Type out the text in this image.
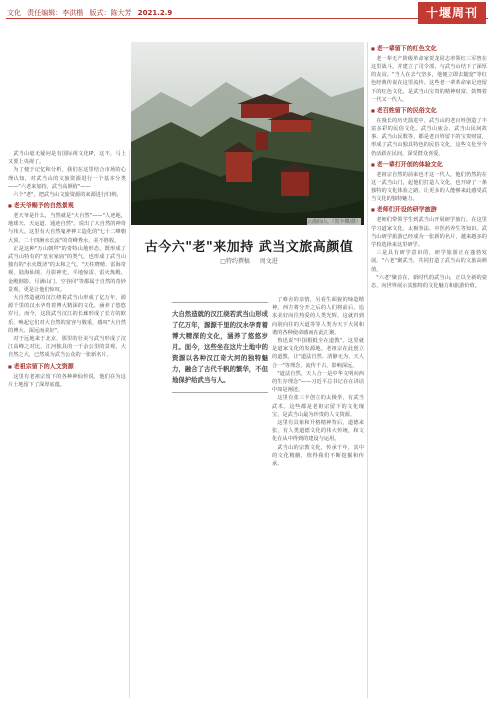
文化 责任编辑：李洪楷 版式：陈大芳 2021.2.9	十堰周刊
云漫仙山。（贺少卿/摄）
古今六"老"来加持 武当文旅高颜值
□特约撰稿 周文进

武当山毫无疑问是有国际视文化IP，这不，马上又要上央视了。

为了便于记忆和分析，我们在这里结合市场的心理认知，对武当山的文旅资源进行一个基本分类——"六老来加持，武当高颜值"——

六个"老"，把武当山文旅资源的来源进行归纳。

■ 老天爷赐予的自然景观

老天爷是什么，当然就是"大自然"——"人迹地，地球天、天运道、通迹自然"。说出了大自然的神奇与伟大。这里有大自然鬼斧神工造化的"七十二峰朝大顶、二十四涧水长流"的奇峰秀水，美不胜收。

正是这种"万山朝拜"的奇特山地形态，既形成了武当山特有的"皇室家庙"的类气，也形成了武当山独有的"水火既济"的太和之气。"天柱晓晴、雷海奇观、陆海仙境、月影神光、平地惊雷、雷火炼殿、金殿倒影、月满山门、空谷回"等都属于自然的奇妙景观，更是让他们惊叹。

大自然造就的汉江绕着武当山形成了亿万年，源源千里的汉水孕育着博大精深的文化，涵养了悠悠岁月。而今，这段武当汉江的长廊形成了长方的欧乐，唤起它们对大自然的宽容与敬重，感叹"大自然的博大、深远而美好"。

对于远地来于北京，那里的壮美与武当形成了汉江高峰之对比，江河独具的一千余公里的景观。大自然之大，已然成为武当公众的一张新名片。

■ 老祖宗留下的人文资源

这里有老祖宗留下的各种神仙传说，他们在为这片土地留下了深厚底蕴。

大自然造就的汉江绕若武当山形成了亿万年，源源千里的汉水孕育着博大精深的文化，涵养了悠悠岁月。面今，这些坐在这片土地中的资源以各种汉江奇大河的独特魅力，融合了古代千帆的繁华，不但地保护给武当与人。

了难舍的亲情，另看生面貌的缔造精神。西方将分开之后的人们将前后，追求美好向往热爱的人类光辉，这就归到向别向往的大道等等人类为天下大同和谐的各种使命感而在此汇聚。

鲁迅说"中国根柢全在道教"。这里就是道家文化的发源地。老祖宗在此创立的道教，让"道法自然、清静无为、天人合一"等理念，流传千古，影响深远。

"道法自然，天人合一是中华文明向西的生存理念"——习近平总书记在在讲话中如是阐述。

这里有张三丰创立的太极拳，有武当武术。这些都是老祖宗留下的文化瑰宝，是武当山最为珍贵的人文资源。

这里有具象和升格精神背后，道德来张，有人类道德文化的伟大传统，和文化在从中得到的建设与运用。

武当山的宗教文化，传承千年，其中的文化精髓，值得我们不断挖掘和传承。

■ 老一辈留下的红色文化

老一辈无产阶级革命家贺龙同志率领红三军曾在这里战斗，并建立了司令部，与武当山结下了深厚的友谊。"当人在去气坚多，他便立即去随宽"等红色经典传说在这里流传。这些老一辈革命家足迹留下的红色文化，是武当山宝贵的精神财富，鼓舞着一代又一代人。

■ 老百姓留下的民俗文化

在漫长的历史演进中，武当山的老百姓创造了丰富多彩的民俗文化。武当山庙会、武当山民间故事、武当山民歌等，都是老百姓留下的宝贵财富，形成了武当山独具特色的民俗文化，这些文化至今仍活跃在民间，深受群众喜爱。

■ 老一辈打开创的体验文化

老祖宗自然的前来也才这一代人，他们仍然的在这一武当山门，起他们打造人文化，也开辟了一条独特的文化体验之路，让更多的人能够来此感受武当文化的独特魅力。

■ 老师们开设的研学旅游

老师们带领学生到武当山开展研学旅行，在这里学习道家文化、太极拳法、中医药养生等知识。武当山研学旅游已经成为一张新的名片，越来越多的学校选择来这里研学。

三是具有研学意识的，研学旅游正在蓬勃发展。"六老"聚武当，共同打造了武当山的文旅高颜值。

"六老"聚首在，新时代的武当山，正以全新的姿态，向世界展示其独特的文化魅力和旅游价值。
